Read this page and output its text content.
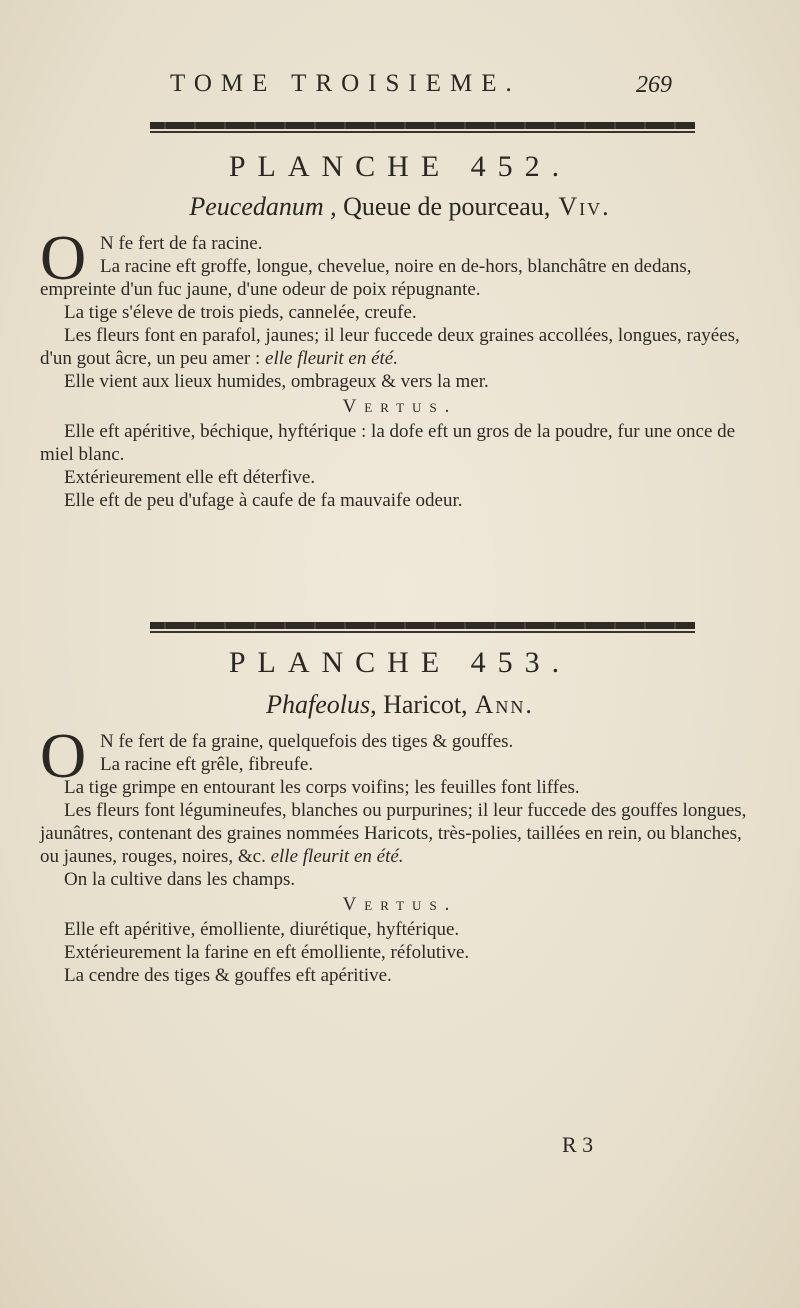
TOME TROISIEME.	269
PLANCHE 452.
Peucedanum , Queue de pourceau, Viv.
O N fe fert de fa racine.

La racine eft groffe, longue, chevelue, noire en de-hors, blanchâtre en dedans, empreinte d'un fuc jaune, d'une odeur de poix répugnante.

La tige s'éleve de trois pieds, cannelée, creufe.

Les fleurs font en parafol, jaunes; il leur fuccede deux graines accollées, longues, rayées, d'un gout âcre, un peu amer : elle fleurit en été.

Elle vient aux lieux humides, ombrageux & vers la mer.

Vertus.

Elle eft apéritive, béchique, hyftérique : la dofe eft un gros de la poudre, fur une once de miel blanc.

Extérieurement elle eft déterfive.

Elle eft de peu d'ufage à caufe de fa mauvaife odeur.

PLANCHE 453.
Phafeolus, Haricot, Ann.
O N fe fert de fa graine, quelquefois des tiges & gouffes.

La racine eft grêle, fibreufe.

La tige grimpe en entourant les corps voifins; les feuilles font liffes.

Les fleurs font légumineufes, blanches ou purpurines; il leur fuccede des gouffes longues, jaunâtres, contenant des graines nommées Haricots, très-polies, taillées en rein, ou blanches, ou jaunes, rouges, noires, &c. elle fleurit en été.

On la cultive dans les champs.

Vertus.

Elle eft apéritive, émolliente, diurétique, hyftérique.

Extérieurement la farine en eft émolliente, réfolutive.

La cendre des tiges & gouffes eft apéritive.

R 3
